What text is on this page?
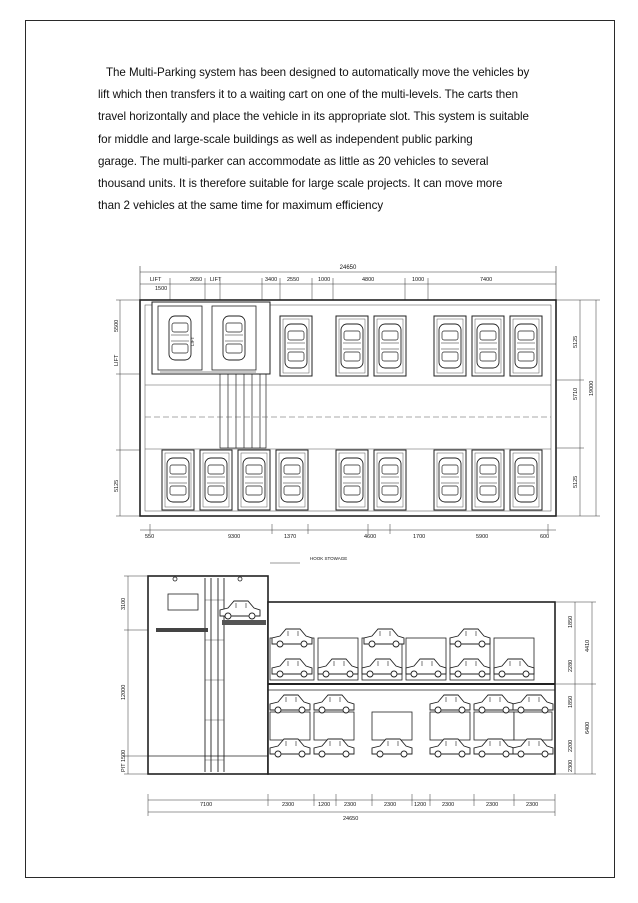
The Multi-Parking system has been designed to automatically move the vehicles by

lift which then transfers it to a waiting cart on one of the multi-levels. The carts then

travel horizontally and place the vehicle in its appropriate slot. This system is suitable

for middle and large-scale buildings as well as independent public parking

garage. The multi-parker can accommodate as little as 20 vehicles to several

thousand units. It is therefore suitable for large scale projects. It can move more

than 2 vehicles at the same time for maximum efficiency

24650
LIFT
1500
2650 LIFT	3400 2550	1000	4800	1000	7400
LIFT
5500
LIFT
5125
5125
5710 19000
5125
550	9300	1370	4600	1700	5900	600
HOOK STOWAGE
3100
12000
PIT 1500
1850
4410
2280
1850
2200
6400
2300
7100	2300	1200	2300	2300	1200	2300	2300	2300
24650
